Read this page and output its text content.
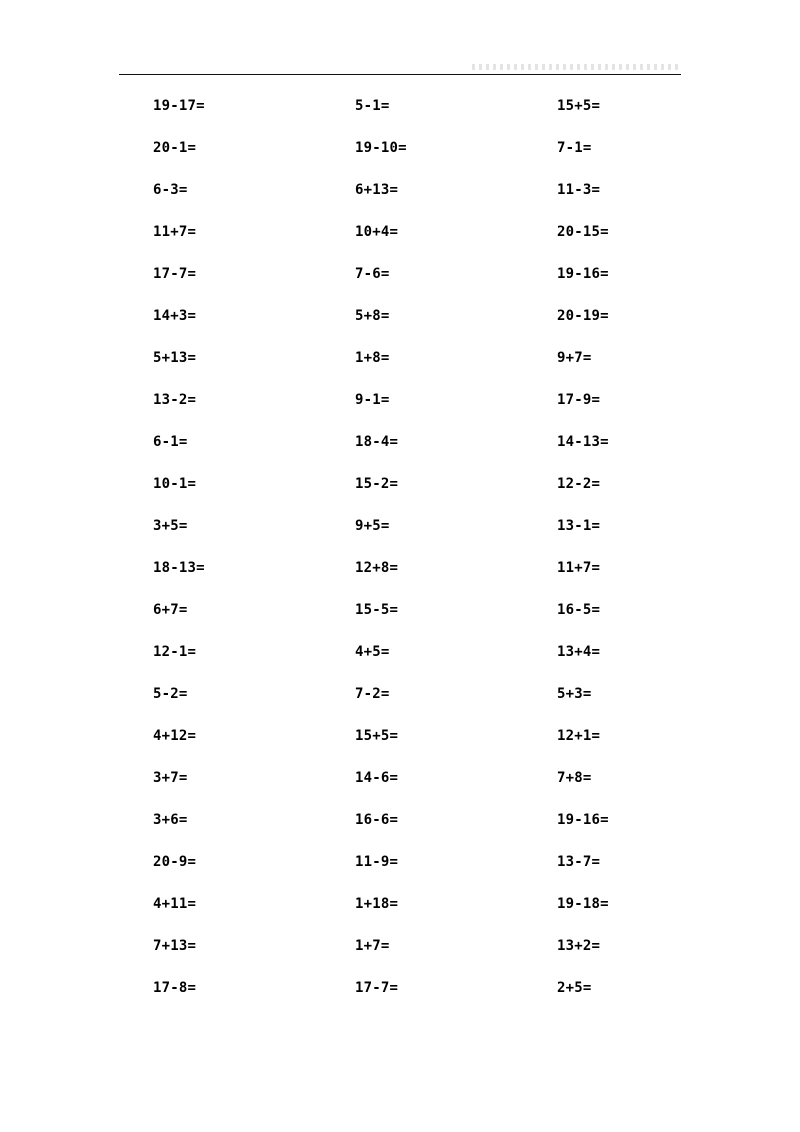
19-17=	5-1=	15+5=
20-1=	19-10=	7-1=
6-3=	6+13=	11-3=
11+7=	10+4=	20-15=
17-7=	7-6=	19-16=
14+3=	5+8=	20-19=
5+13=	1+8=	9+7=
13-2=	9-1=	17-9=
6-1=	18-4=	14-13=
10-1=	15-2=	12-2=
3+5=	9+5=	13-1=
18-13=	12+8=	11+7=
6+7=	15-5=	16-5=
12-1=	4+5=	13+4=
5-2=	7-2=	5+3=
4+12=	15+5=	12+1=
3+7=	14-6=	7+8=
3+6=	16-6=	19-16=
20-9=	11-9=	13-7=
4+11=	1+18=	19-18=
7+13=	1+7=	13+2=
17-8=	17-7=	2+5=
